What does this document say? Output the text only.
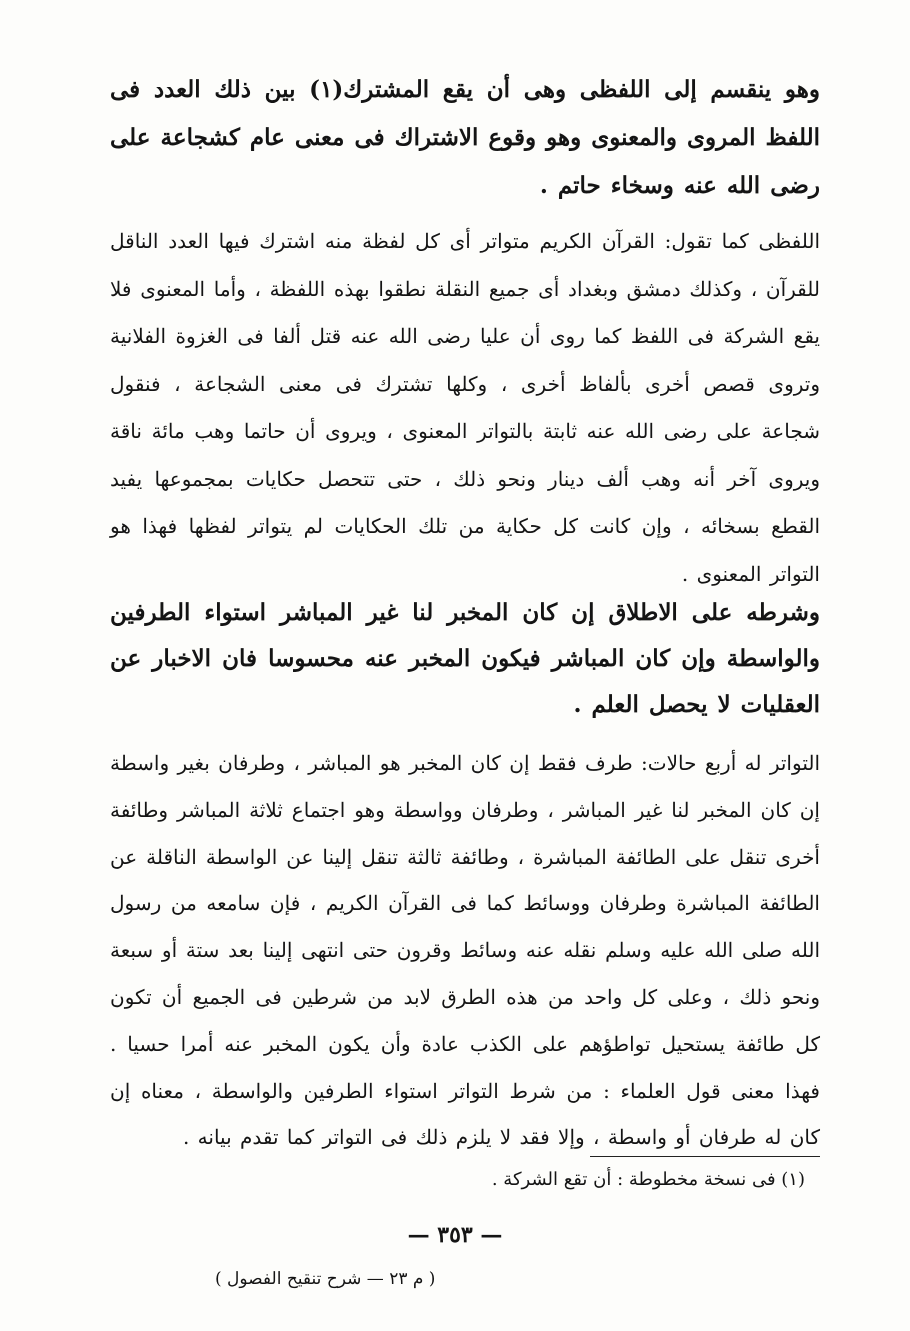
وهو ينقسم إلى اللفظى وهى أن يقع المشترك(١) بين ذلك العدد فى اللفظ المروى والمعنوى وهو وقوع الاشتراك فى معنى عام كشجاعة على رضى الله عنه وسخاء حاتم .

اللفظى كما تقول: القرآن الكريم متواتر أى كل لفظة منه اشترك فيها العدد الناقل للقرآن ، وكذلك دمشق وبغداد أى جميع النقلة نطقوا بهذه اللفظة ، وأما المعنوى فلا يقع الشركة فى اللفظ كما روى أن عليا رضى الله عنه قتل ألفا فى الغزوة الفلانية وتروى قصص أخرى بألفاظ أخرى ، وكلها تشترك فى معنى الشجاعة ، فنقول شجاعة على رضى الله عنه ثابتة بالتواتر المعنوى ، ويروى أن حاتما وهب مائة ناقة ويروى آخر أنه وهب ألف دينار ونحو ذلك ، حتى تتحصل حكايات بمجموعها يفيد القطع بسخائه ، وإن كانت كل حكاية من تلك الحكايات لم يتواتر لفظها فهذا هو التواتر المعنوى .

وشرطه على الاطلاق إن كان المخبر لنا غير المباشر استواء الطرفين والواسطة وإن كان المباشر فيكون المخبر عنه محسوسا فان الاخبار عن العقليات لا يحصل العلم .

التواتر له أربع حالات: طرف فقط إن كان المخبر هو المباشر ، وطرفان بغير واسطة إن كان المخبر لنا غير المباشر ، وطرفان وواسطة وهو اجتماع ثلاثة المباشر وطائفة أخرى تنقل على الطائفة المباشرة ، وطائفة ثالثة تنقل إلينا عن الواسطة الناقلة عن الطائفة المباشرة وطرفان ووسائط كما فى القرآن الكريم ، فإن سامعه من رسول الله صلى الله عليه وسلم نقله عنه وسائط وقرون حتى انتهى إلينا بعد ستة أو سبعة ونحو ذلك ، وعلى كل واحد من هذه الطرق لابد من شرطين فى الجميع أن تكون كل طائفة يستحيل تواطؤهم على الكذب عادة وأن يكون المخبر عنه أمرا حسيا . فهذا معنى قول العلماء : من شرط التواتر استواء الطرفين والواسطة ، معناه إن كان له طرفان أو واسطة ، وإلا فقد لا يلزم ذلك فى التواتر كما تقدم بيانه .

(١) فى نسخة مخطوطة : أن تقع الشركة .

— ٣٥٣ —
( م ٢٣ — شرح تنقيح الفصول )
